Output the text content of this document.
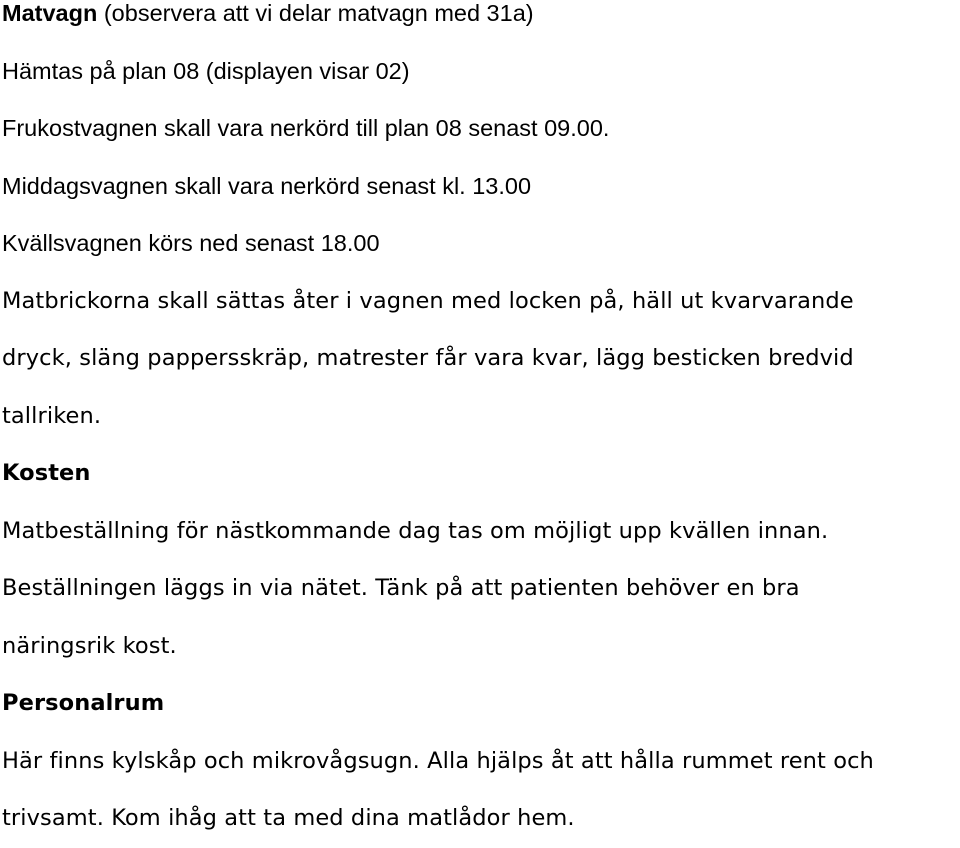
Matvagn (observera att vi delar matvagn med 31a)

Hämtas på plan 08 (displayen visar 02)

Frukostvagnen skall vara nerkörd till plan 08 senast 09.00.

Middagsvagnen skall vara nerkörd senast kl. 13.00

Kvällsvagnen körs ned senast 18.00

Matbrickorna skall sättas åter i vagnen med locken på, häll ut kvarvarande

dryck, släng pappersskräp, matrester får vara kvar, lägg besticken bredvid

tallriken.

Kosten

Matbeställning för nästkommande dag tas om möjligt upp kvällen innan.

Beställningen läggs in via nätet. Tänk på att patienten behöver en bra

näringsrik kost.

Personalrum

Här finns kylskåp och mikrovågsugn. Alla hjälps åt att hålla rummet rent och

trivsamt. Kom ihåg att ta med dina matlådor hem.
